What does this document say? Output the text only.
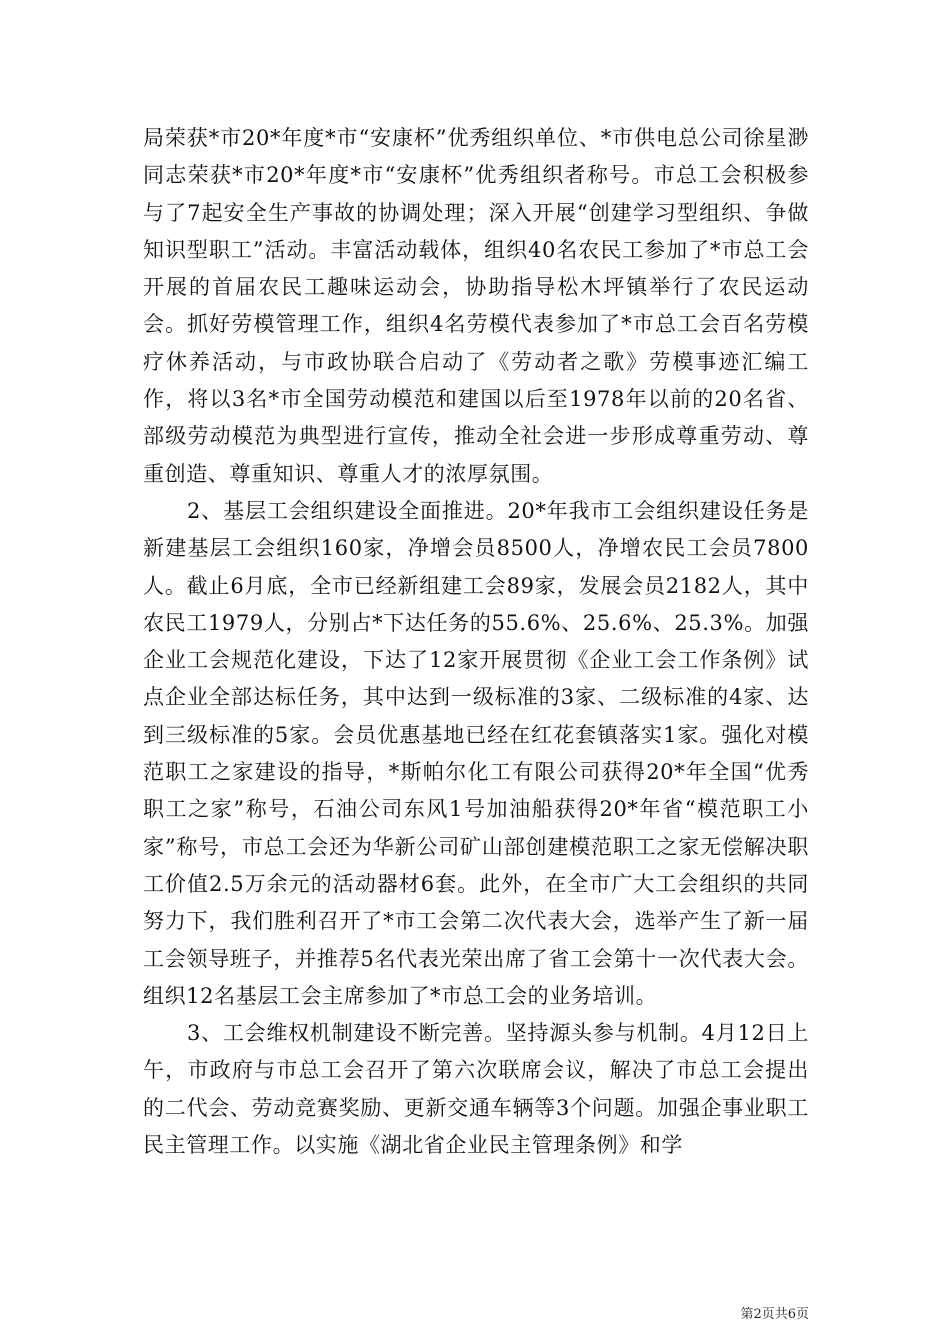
局荣获*市20*年度*市“安康杯”优秀组织单位、*市供电总公司徐星渺同志荣获*市20*年度*市“安康杯”优秀组织者称号。市总工会积极参与了7起安全生产事故的协调处理；深入开展“创建学习型组织、争做知识型职工”活动。丰富活动载体，组织40名农民工参加了*市总工会开展的首届农民工趣味运动会，协助指导松木坪镇举行了农民运动会。抓好劳模管理工作，组织4名劳模代表参加了*市总工会百名劳模疗休养活动，与市政协联合启动了《劳动者之歌》劳模事迹汇编工作，将以3名*市全国劳动模范和建国以后至1978年以前的20名省、部级劳动模范为典型进行宣传，推动全社会进一步形成尊重劳动、尊重创造、尊重知识、尊重人才的浓厚氛围。

2、基层工会组织建设全面推进。20*年我市工会组织建设任务是新建基层工会组织160家，净增会员8500人，净增农民工会员7800人。截止6月底，全市已经新组建工会89家，发展会员2182人，其中农民工1979人，分别占*下达任务的55.6%、25.6%、25.3%。加强企业工会规范化建设，下达了12家开展贯彻《企业工会工作条例》试点企业全部达标任务，其中达到一级标准的3家、二级标准的4家、达到三级标准的5家。会员优惠基地已经在红花套镇落实1家。强化对模范职工之家建设的指导，*斯帕尔化工有限公司获得20*年全国“优秀职工之家”称号，石油公司东风1号加油船获得20*年省“模范职工小家”称号，市总工会还为华新公司矿山部创建模范职工之家无偿解决职工价值2.5万余元的活动器材6套。此外，在全市广大工会组织的共同努力下，我们胜利召开了*市工会第二次代表大会，选举产生了新一届工会领导班子，并推荐5名代表光荣出席了省工会第十一次代表大会。组织12名基层工会主席参加了*市总工会的业务培训。

3、工会维权机制建设不断完善。坚持源头参与机制。4月12日上午，市政府与市总工会召开了第六次联席会议，解决了市总工会提出的二代会、劳动竞赛奖励、更新交通车辆等3个问题。加强企事业职工民主管理工作。以实施《湖北省企业民主管理条例》和学

第2页共6页
